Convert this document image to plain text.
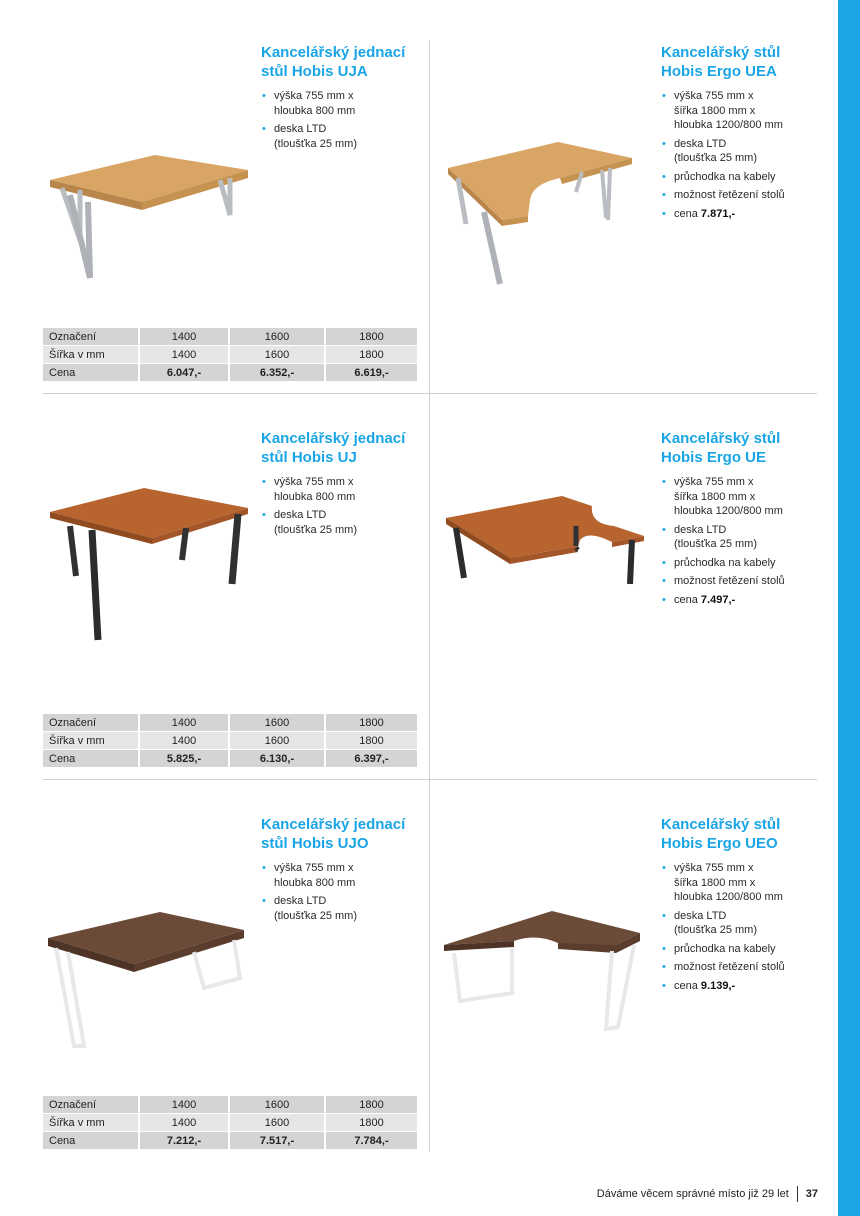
Kancelářský jednací
stůl Hobis UJA
• výška 755 mm x
hloubka 800 mm
• deska LTD
(tloušťka 25 mm)
Označení	1400	1600	1800
Šířka v mm	1400	1600	1800
Cena	6.047,-	6.352,-	6.619,-
Kancelářský stůl
Hobis Ergo UEA
• výška 755 mm x
šířka 1800 mm x
hloubka 1200/800 mm
• deska LTD
(tloušťka 25 mm)
• průchodka na kabely
• možnost řetězení stolů
• cena 7.871,-
Kancelářský jednací
stůl Hobis UJ
• výška 755 mm x
hloubka 800 mm
• deska LTD
(tloušťka 25 mm)
Označení	1400	1600	1800
Šířka v mm	1400	1600	1800
Cena	5.825,-	6.130,-	6.397,-
Kancelářský stůl
Hobis Ergo UE
• výška 755 mm x
šířka 1800 mm x
hloubka 1200/800 mm
• deska LTD
(tloušťka 25 mm)
• průchodka na kabely
• možnost řetězení stolů
• cena 7.497,-
Kancelářský jednací
stůl Hobis UJO
• výška 755 mm x
hloubka 800 mm
• deska LTD
(tloušťka 25 mm)
Označení	1400	1600	1800
Šířka v mm	1400	1600	1800
Cena	7.212,-	7.517,-	7.784,-
Kancelářský stůl
Hobis Ergo UEO
• výška 755 mm x
šířka 1800 mm x
hloubka 1200/800 mm
• deska LTD
(tloušťka 25 mm)
• průchodka na kabely
• možnost řetězení stolů
• cena 9.139,-
Dáváme věcem správné místo již 29 let 37
